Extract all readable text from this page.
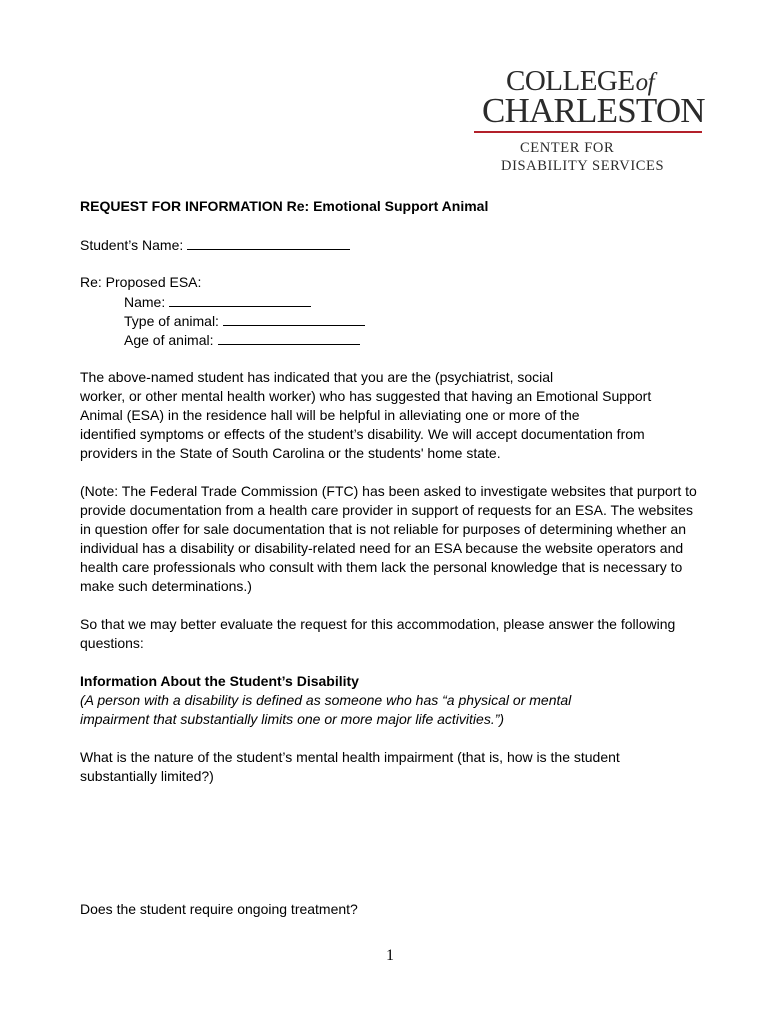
COLLEGEof
CHARLESTON
CENTER FOR
DISABILITY SERVICES
REQUEST FOR INFORMATION Re: Emotional Support Animal
Student’s Name:
Re: Proposed ESA:
Name:
Type of animal:
Age of animal:
The above-named student has indicated that you are the (psychiatrist, social
worker, or other mental health worker) who has suggested that having an Emotional Support
Animal (ESA) in the residence hall will be helpful in alleviating one or more of the
identified symptoms or effects of the student’s disability. We will accept documentation from
providers in the State of South Carolina or the students' home state.
(Note: The Federal Trade Commission (FTC) has been asked to investigate websites that purport to
provide documentation from a health care provider in support of requests for an ESA. The websites
in question offer for sale documentation that is not reliable for purposes of determining whether an
individual has a disability or disability-related need for an ESA because the website operators and
health care professionals who consult with them lack the personal knowledge that is necessary to
make such determinations.)
So that we may better evaluate the request for this accommodation, please answer the following
questions:
Information About the Student’s Disability
(A person with a disability is defined as someone who has “a physical or mental
impairment that substantially limits one or more major life activities.”)
What is the nature of the student’s mental health impairment (that is, how is the student
substantially limited?)
Does the student require ongoing treatment?
1
